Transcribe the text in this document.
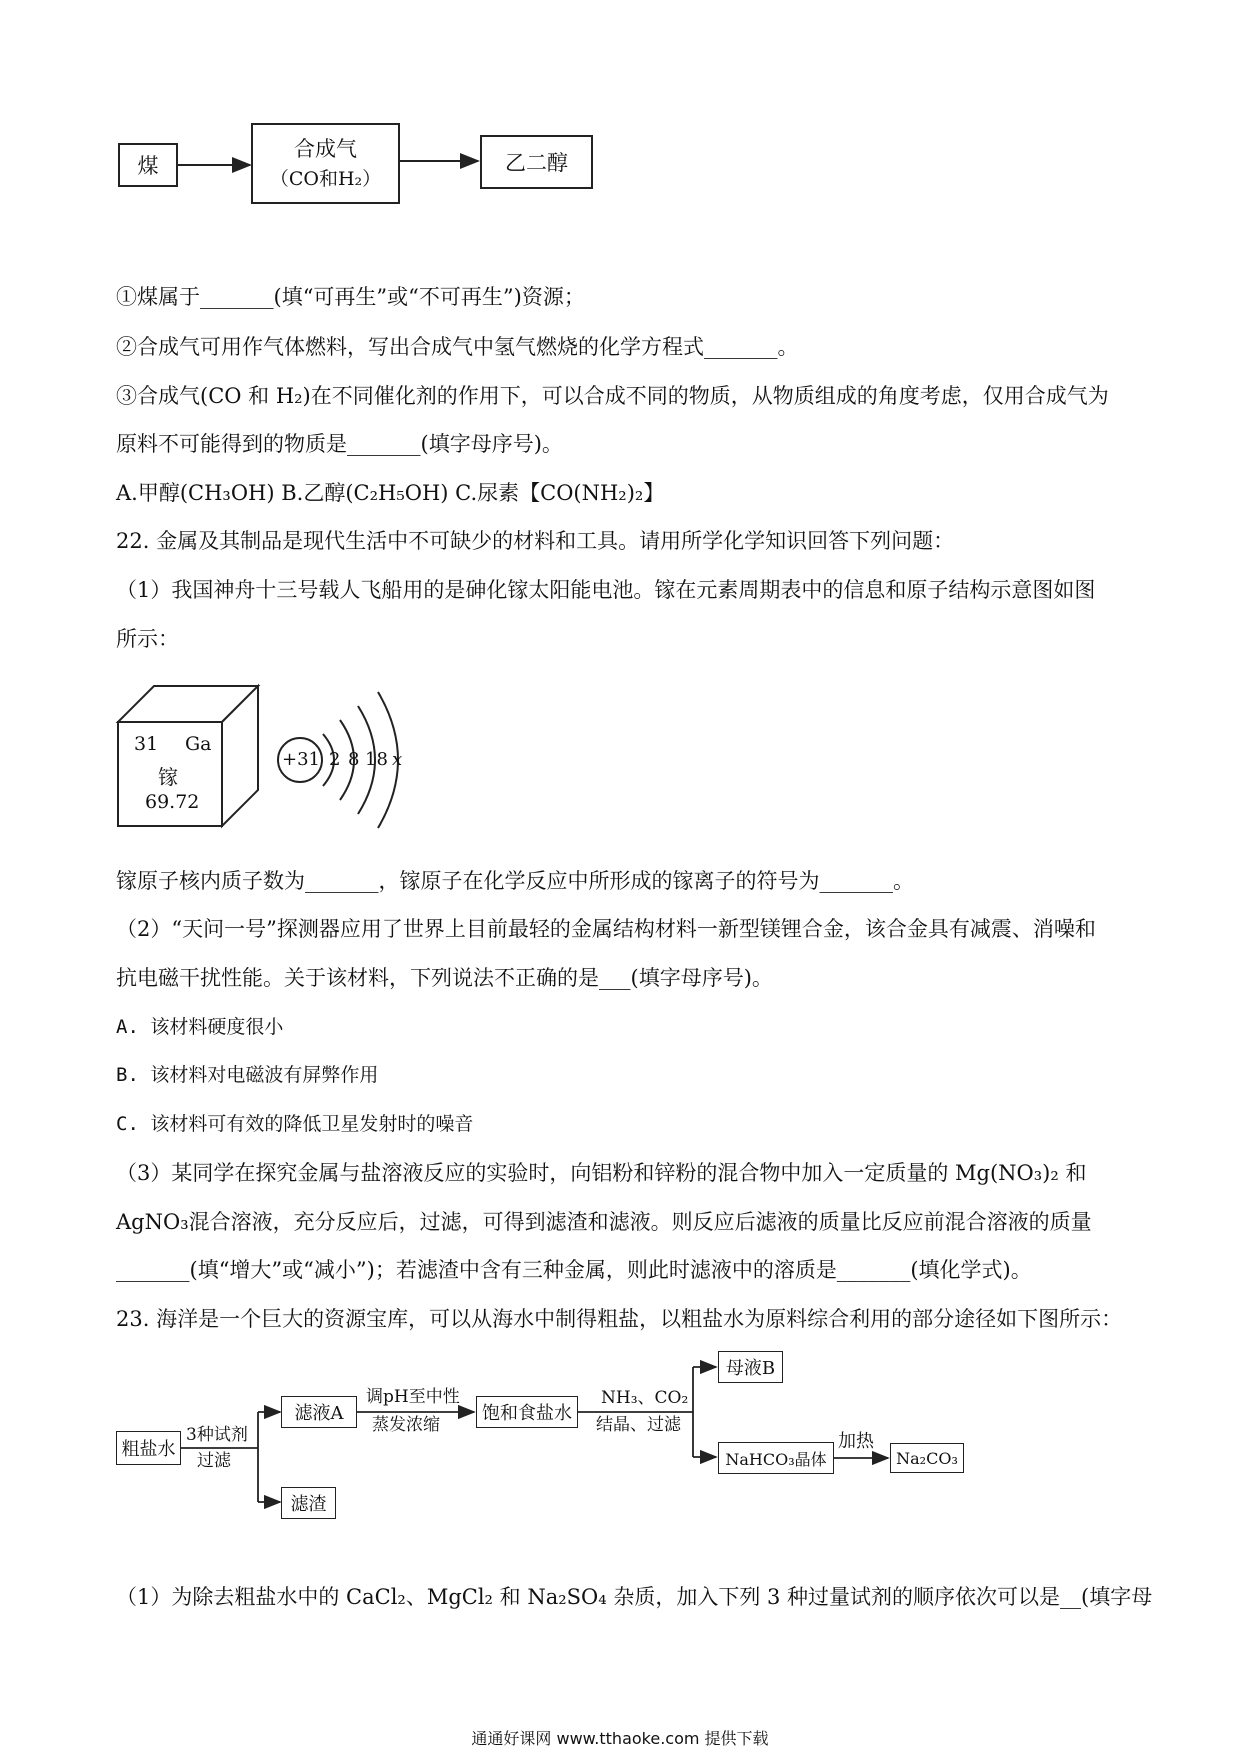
煤
合成气
（CO和H₂）
乙二醇
①煤属于_______(填“可再生”或“不可再生”)资源；
②合成气可用作气体燃料，写出合成气中氢气燃烧的化学方程式_______。
③合成气(CO 和 H₂)在不同催化剂的作用下，可以合成不同的物质，从物质组成的角度考虑，仅用合成气为
原料不可能得到的物质是_______(填字母序号)。
A.甲醇(CH₃OH) B.乙醇(C₂H₅OH) C.尿素【CO(NH₂)₂】
22. 金属及其制品是现代生活中不可缺少的材料和工具。请用所学化学知识回答下列问题：
（1）我国神舟十三号载人飞船用的是砷化镓太阳能电池。镓在元素周期表中的信息和原子结构示意图如图
所示：
31 Ga
镓
69.72
+31 2 8 18 x
镓原子核内质子数为_______，镓原子在化学反应中所形成的镓离子的符号为_______。
（2）“天问一号”探测器应用了世界上目前最轻的金属结构材料一新型镁锂合金，该合金具有减震、消噪和
抗电磁干扰性能。关于该材料，下列说法不正确的是___(填字母序号)。
A. 该材料硬度很小
B. 该材料对电磁波有屏弊作用
C. 该材料可有效的降低卫星发射时的噪音
（3）某同学在探究金属与盐溶液反应的实验时，向铝粉和锌粉的混合物中加入一定质量的 Mg(NO₃)₂ 和
AgNO₃混合溶液，充分反应后，过滤，可得到滤渣和滤液。则反应后滤液的质量比反应前混合溶液的质量
_______(填“增大”或“减小”)；若滤渣中含有三种金属，则此时滤液中的溶质是_______(填化学式)。
23. 海洋是一个巨大的资源宝库，可以从海水中制得粗盐，以粗盐水为原料综合利用的部分途径如下图所示：
粗盐水
3种试剂
过滤
滤液A
滤渣
调pH至中性
蒸发浓缩
饱和食盐水
NH₃、CO₂
结晶、过滤
母液B
NaHCO₃晶体
加热
Na₂CO₃
（1）为除去粗盐水中的 CaCl₂、MgCl₂ 和 Na₂SO₄ 杂质，加入下列 3 种过量试剂的顺序依次可以是__(填字母
通通好课网 www.tthaoke.com 提供下载
